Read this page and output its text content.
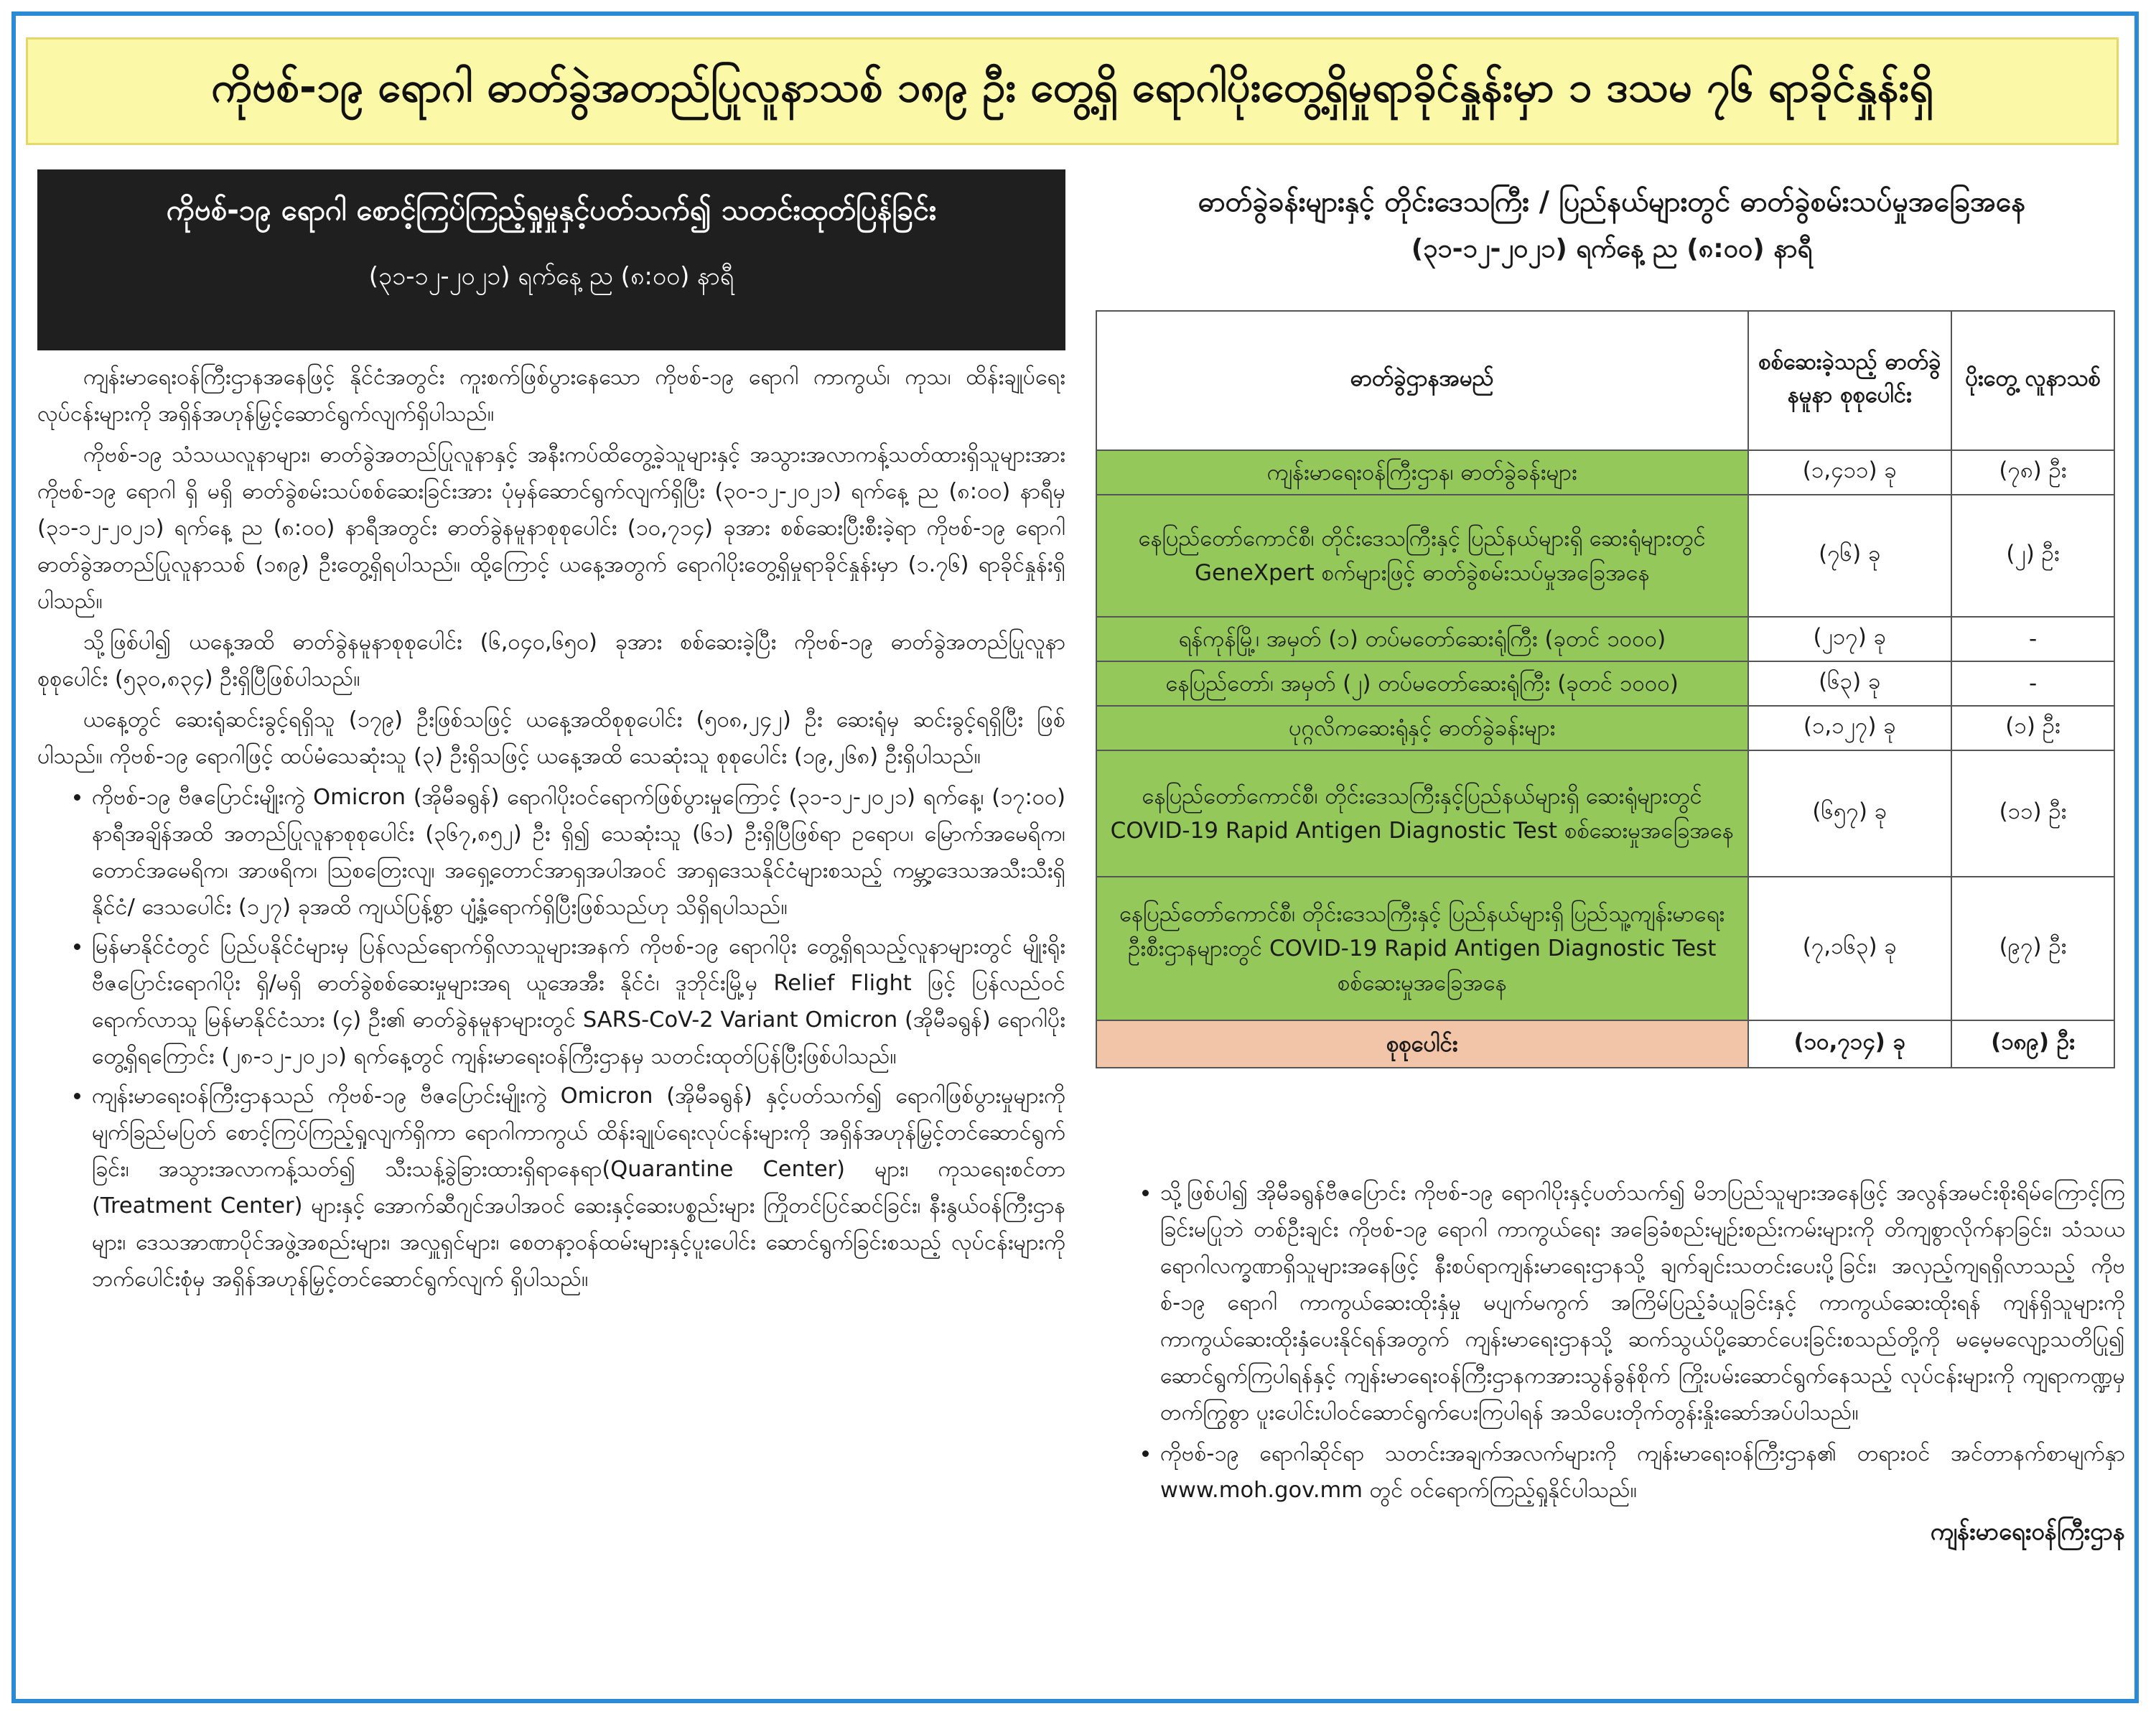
ကိုဗစ်-၁၉ ရောဂါ ဓာတ်ခွဲအတည်ပြုလူနာသစ် ၁၈၉ ဦး တွေ့ရှိ ရောဂါပိုးတွေ့ရှိမှုရာခိုင်နှုန်းမှာ ၁ ဒသမ ၇၆ ရာခိုင်နှုန်းရှိ
ကိုဗစ်-၁၉ ရောဂါ စောင့်ကြပ်ကြည့်ရှုမှုနှင့်ပတ်သက်၍ သတင်းထုတ်ပြန်ခြင်း
(၃၁-၁၂-၂၀၂၁) ရက်နေ့ ည (၈:၀၀) နာရီ

ကျန်းမာရေးဝန်ကြီးဌာနအနေဖြင့် နိုင်ငံအတွင်း ကူးစက်ဖြစ်ပွားနေသော ကိုဗစ်-၁၉ ရောဂါ ကာကွယ်၊ ကုသ၊ ထိန်းချုပ်ရေးလုပ်ငန်းများကို အရှိန်အဟုန်မြှင့်ဆောင်ရွက်လျက်ရှိပါသည်။

ကိုဗစ်-၁၉ သံသယလူနာများ၊ ဓာတ်ခွဲအတည်ပြုလူနာနှင့် အနီးကပ်ထိတွေ့ခဲ့သူများနှင့် အသွားအလာကန့်သတ်ထားရှိသူများအား ကိုဗစ်-၁၉ ရောဂါ ရှိ မရှိ ဓာတ်ခွဲစမ်းသပ်စစ်ဆေးခြင်းအား ပုံမှန်ဆောင်ရွက်လျက်ရှိပြီး (၃၀-၁၂-၂၀၂၁) ရက်နေ့ ည (၈:၀၀) နာရီမှ (၃၁-၁၂-၂၀၂၁) ရက်နေ့ ည (၈:၀၀) နာရီအတွင်း ဓာတ်ခွဲနမူနာစုစုပေါင်း (၁၀,၇၁၄) ခုအား စစ်ဆေးပြီးစီးခဲ့ရာ ကိုဗစ်-၁၉ ရောဂါ ဓာတ်ခွဲအတည်ပြုလူနာသစ် (၁၈၉) ဦးတွေ့ရှိရပါသည်။ ထို့ကြောင့် ယနေ့အတွက် ရောဂါပိုးတွေ့ရှိမှုရာခိုင်နှုန်းမှာ (၁.၇၆) ရာခိုင်နှုန်းရှိပါသည်။

သို့ဖြစ်ပါ၍ ယနေ့အထိ ဓာတ်ခွဲနမူနာစုစုပေါင်း (၆,၀၄၀,၆၅၀) ခုအား စစ်ဆေးခဲ့ပြီး ကိုဗစ်-၁၉ ဓာတ်ခွဲအတည်ပြုလူနာ စုစုပေါင်း (၅၃၀,၈၃၄) ဦးရှိပြီဖြစ်ပါသည်။

ယနေ့တွင် ဆေးရုံဆင်းခွင့်ရရှိသူ (၁၇၉) ဦးဖြစ်သဖြင့် ယနေ့အထိစုစုပေါင်း (၅၀၈,၂၄၂) ဦး ဆေးရုံမှ ဆင်းခွင့်ရရှိပြီး ဖြစ်ပါသည်။ ကိုဗစ်-၁၉ ရောဂါဖြင့် ထပ်မံသေဆုံးသူ (၃) ဦးရှိသဖြင့် ယနေ့အထိ သေဆုံးသူ စုစုပေါင်း (၁၉,၂၆၈) ဦးရှိပါသည်။

• ကိုဗစ်-၁၉ ဗီဇပြောင်းမျိုးကွဲ Omicron (အိုမီခရွန်) ရောဂါပိုးဝင်ရောက်ဖြစ်ပွားမှုကြောင့် (၃၁-၁၂-၂၀၂၁) ရက်နေ့၊ (၁၇:၀၀) နာရီအချိန်အထိ အတည်ပြုလူနာစုစုပေါင်း (၃၆၇,၈၅၂) ဦး ရှိ၍ သေဆုံးသူ (၆၁) ဦးရှိပြီဖြစ်ရာ ဥရောပ၊ မြောက်အမေရိက၊ တောင်အမေရိက၊ အာဖရိက၊ ဩစတြေးလျ၊ အရှေ့တောင်အာရှအပါအဝင် အာရှဒေသနိုင်ငံများစသည့် ကမ္ဘာ့ဒေသအသီးသီးရှိ နိုင်ငံ/ ဒေသပေါင်း (၁၂၇) ခုအထိ ကျယ်ပြန့်စွာ ပျံ့နှံ့ရောက်ရှိပြီးဖြစ်သည်ဟု သိရှိရပါသည်။
• မြန်မာနိုင်ငံတွင် ပြည်ပနိုင်ငံများမှ ပြန်လည်ရောက်ရှိလာသူများအနက် ကိုဗစ်-၁၉ ရောဂါပိုး တွေ့ရှိရသည့်လူနာများတွင် မျိုးရိုးဗီဇပြောင်းရောဂါပိုး ရှိ/မရှိ ဓာတ်ခွဲစစ်ဆေးမှုများအရ ယူအေအီး နိုင်ငံ၊ ဒူဘိုင်းမြို့မှ Relief Flight ဖြင့် ပြန်လည်ဝင်ရောက်လာသူ မြန်မာနိုင်ငံသား (၄) ဦး၏ ဓာတ်ခွဲနမူနာများတွင် SARS-CoV-2 Variant Omicron (အိုမီခရွန်) ရောဂါပိုး တွေ့ရှိရကြောင်း (၂၈-၁၂-၂၀၂၁) ရက်နေ့တွင် ကျန်းမာရေးဝန်ကြီးဌာနမှ သတင်းထုတ်ပြန်ပြီးဖြစ်ပါသည်။
• ကျန်းမာရေးဝန်ကြီးဌာနသည် ကိုဗစ်-၁၉ ဗီဇပြောင်းမျိုးကွဲ Omicron (အိုမီခရွန်) နှင့်ပတ်သက်၍ ရောဂါဖြစ်ပွားမှုများကို မျက်ခြည်မပြတ် စောင့်ကြပ်ကြည့်ရှုလျက်ရှိကာ ရောဂါကာကွယ် ထိန်းချုပ်ရေးလုပ်ငန်းများကို အရှိန်အဟုန်မြှင့်တင်ဆောင်ရွက်ခြင်း၊ အသွားအလာကန့်သတ်၍ သီးသန့်ခွဲခြားထားရှိရာနေရာ(Quarantine Center) များ၊ ကုသရေးစင်တာ (Treatment Center) များနှင့် အောက်ဆီဂျင်အပါအဝင် ဆေးနှင့်ဆေးပစ္စည်းများ ကြိုတင်ပြင်ဆင်ခြင်း၊ နီးနွယ်ဝန်ကြီးဌာနများ၊ ဒေသအာဏာပိုင်အဖွဲ့အစည်းများ၊ အလှူရှင်များ၊ စေတနာ့ဝန်ထမ်းများနှင့်ပူးပေါင်း ဆောင်ရွက်ခြင်းစသည့် လုပ်ငန်းများကို ဘက်ပေါင်းစုံမှ အရှိန်အဟုန်မြှင့်တင်ဆောင်ရွက်လျက် ရှိပါသည်။
ဓာတ်ခွဲခန်းများနှင့် တိုင်းဒေသကြီး / ပြည်နယ်များတွင် ဓာတ်ခွဲစမ်းသပ်မှုအခြေအနေ
(၃၁-၁၂-၂၀၂၁) ရက်နေ့ ည (၈:၀၀) နာရီ
ဓာတ်ခွဲဌာနအမည်	စစ်ဆေးခဲ့သည့် ဓာတ်ခွဲနမူနာ စုစုပေါင်း	ပိုးတွေ့ လူနာသစ်
ကျန်းမာရေးဝန်ကြီးဌာန၊ ဓာတ်ခွဲခန်းများ	(၁,၄၁၁) ခု	(၇၈) ဦး
နေပြည်တော်ကောင်စီ၊ တိုင်းဒေသကြီးနှင့် ပြည်နယ်များရှိ ဆေးရုံများတွင် GeneXpert စက်များဖြင့် ဓာတ်ခွဲစမ်းသပ်မှုအခြေအနေ	(၇၆) ခု	(၂) ဦး
ရန်ကုန်မြို့၊ အမှတ် (၁) တပ်မတော်ဆေးရုံကြီး (ခုတင် ၁၀၀၀)	(၂၁၇) ခု	-
နေပြည်တော်၊ အမှတ် (၂) တပ်မတော်ဆေးရုံကြီး (ခုတင် ၁၀၀၀)	(၆၃) ခု	-
ပုဂ္ဂလိကဆေးရုံနှင့် ဓာတ်ခွဲခန်းများ	(၁,၁၂၇) ခု	(၁) ဦး
နေပြည်တော်ကောင်စီ၊ တိုင်းဒေသကြီးနှင့်ပြည်နယ်များရှိ ဆေးရုံများတွင် COVID-19 Rapid Antigen Diagnostic Test စစ်ဆေးမှုအခြေအနေ	(၆၅၇) ခု	(၁၁) ဦး
နေပြည်တော်ကောင်စီ၊ တိုင်းဒေသကြီးနှင့် ပြည်နယ်များရှိ ပြည်သူ့ကျန်းမာရေးဦးစီးဌာနများတွင် COVID-19 Rapid Antigen Diagnostic Test စစ်ဆေးမှုအခြေအနေ	(၇,၁၆၃) ခု	(၉၇) ဦး
စုစုပေါင်း	(၁၀,၇၁၄) ခု	(၁၈၉) ဦး
• သို့ဖြစ်ပါ၍ အိုမီခရွန်ဗီဇပြောင်း ကိုဗစ်-၁၉ ရောဂါပိုးနှင့်ပတ်သက်၍ မိဘပြည်သူများအနေဖြင့် အလွန်အမင်းစိုးရိမ်ကြောင့်ကြခြင်းမပြုဘဲ တစ်ဦးချင်း ကိုဗစ်-၁၉ ရောဂါ ကာကွယ်ရေး အခြေခံစည်းမျဉ်းစည်းကမ်းများကို တိကျစွာလိုက်နာခြင်း၊ သံသယရောဂါလက္ခဏာရှိသူများအနေဖြင့် နီးစပ်ရာကျန်းမာရေးဌာနသို့ ချက်ချင်းသတင်းပေးပို့ခြင်း၊ အလှည့်ကျရရှိလာသည့် ကိုဗစ်-၁၉ ရောဂါ ကာကွယ်ဆေးထိုးနှံမှု မပျက်မကွက် အကြိမ်ပြည့်ခံယူခြင်းနှင့် ကာကွယ်ဆေးထိုးရန် ကျန်ရှိသူများကို ကာကွယ်ဆေးထိုးနှံပေးနိုင်ရန်အတွက် ကျန်းမာရေးဌာနသို့ ဆက်သွယ်ပို့ဆောင်ပေးခြင်းစသည်တို့ကို မမေ့မလျော့သတိပြု၍ ဆောင်ရွက်ကြပါရန်နှင့် ကျန်းမာရေးဝန်ကြီးဌာနကအားသွန်ခွန်စိုက် ကြိုးပမ်းဆောင်ရွက်နေသည့် လုပ်ငန်းများကို ကျရာကဏ္ဍမှ တက်ကြွစွာ ပူးပေါင်းပါဝင်ဆောင်ရွက်ပေးကြပါရန် အသိပေးတိုက်တွန်းနှိုးဆော်အပ်ပါသည်။
• ကိုဗစ်-၁၉ ရောဂါဆိုင်ရာ သတင်းအချက်အလက်များကို ကျန်းမာရေးဝန်ကြီးဌာန၏ တရားဝင် အင်တာနက်စာမျက်နှာ www.moh.gov.mm တွင် ဝင်ရောက်ကြည့်ရှုနိုင်ပါသည်။
ကျန်းမာရေးဝန်ကြီးဌာန
